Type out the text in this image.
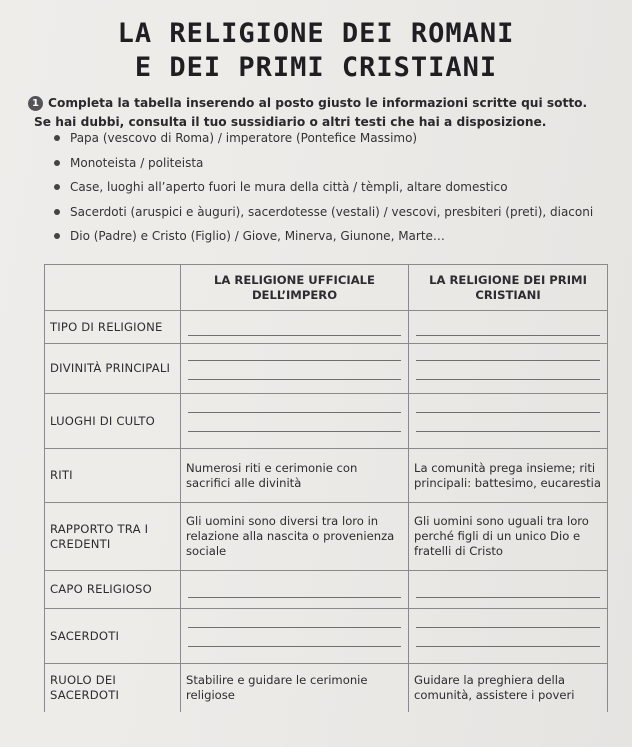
LA RELIGIONE DEI ROMANI
E DEI PRIMI CRISTIANI
1 Completa la tabella inserendo al posto giusto le informazioni scritte qui sotto.
Se hai dubbi, consulta il tuo sussidiario o altri testi che hai a disposizione.
Papa (vescovo di Roma) / imperatore (Pontefice Massimo)
Monoteista / politeista
Case, luoghi all’aperto fuori le mura della città / tèmpli, altare domestico
Sacerdoti (aruspici e àuguri), sacerdotesse (vestali) / vescovi, presbiteri (preti), diaconi
Dio (Padre) e Cristo (Figlio) / Giove, Minerva, Giunone, Marte…
	LA RELIGIONE UFFICIALE DELL’IMPERO	LA RELIGIONE DEI PRIMI CRISTIANI
TIPO DI RELIGIONE	

DIVINITÀ PRINCIPALI	

LUOGHI DI CULTO	

RITI	Numerosi riti e cerimonie con sacrifici alle divinità	La comunità prega insieme; riti principali: battesimo, eucarestia
RAPPORTO TRA I CREDENTI	Gli uomini sono diversi tra loro in relazione alla nascita o provenienza sociale	Gli uomini sono uguali tra loro perché figli di un unico Dio e fratelli di Cristo
CAPO RELIGIOSO	

SACERDOTI	

RUOLO DEI SACERDOTI	Stabilire e guidare le cerimonie religiose	Guidare la preghiera della comunità, assistere i poveri
